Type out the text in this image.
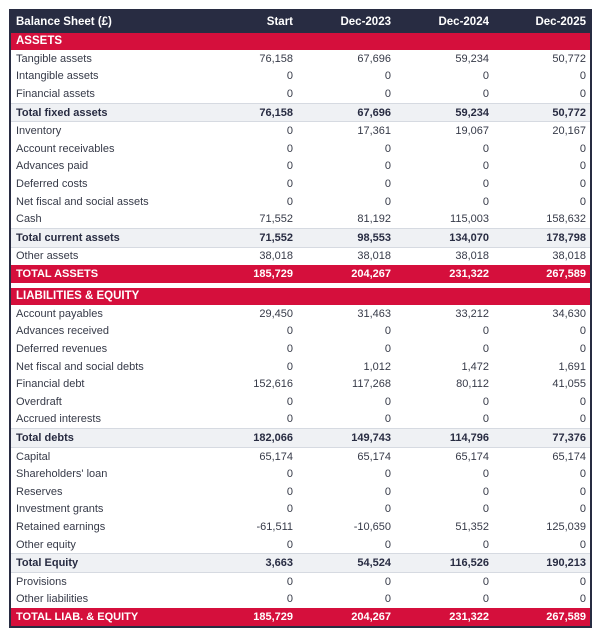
Balance Sheet (£)	Start	Dec-2023	Dec-2024	Dec-2025
ASSETS				
Tangible assets	76,158	67,696	59,234	50,772
Intangible assets	0	0	0	0
Financial assets	0	0	0	0
Total fixed assets	76,158	67,696	59,234	50,772
Inventory	0	17,361	19,067	20,167
Account receivables	0	0	0	0
Advances paid	0	0	0	0
Deferred costs	0	0	0	0
Net fiscal and social assets	0	0	0	0
Cash	71,552	81,192	115,003	158,632
Total current assets	71,552	98,553	134,070	178,798
Other assets	38,018	38,018	38,018	38,018
TOTAL ASSETS	185,729	204,267	231,322	267,589

LIABILITIES & EQUITY				
Account payables	29,450	31,463	33,212	34,630
Advances received	0	0	0	0
Deferred revenues	0	0	0	0
Net fiscal and social debts	0	1,012	1,472	1,691
Financial debt	152,616	117,268	80,112	41,055
Overdraft	0	0	0	0
Accrued interests	0	0	0	0
Total debts	182,066	149,743	114,796	77,376
Capital	65,174	65,174	65,174	65,174
Shareholders' loan	0	0	0	0
Reserves	0	0	0	0
Investment grants	0	0	0	0
Retained earnings	-61,511	-10,650	51,352	125,039
Other equity	0	0	0	0
Total Equity	3,663	54,524	116,526	190,213
Provisions	0	0	0	0
Other liabilities	0	0	0	0
TOTAL LIAB. & EQUITY	185,729	204,267	231,322	267,589
